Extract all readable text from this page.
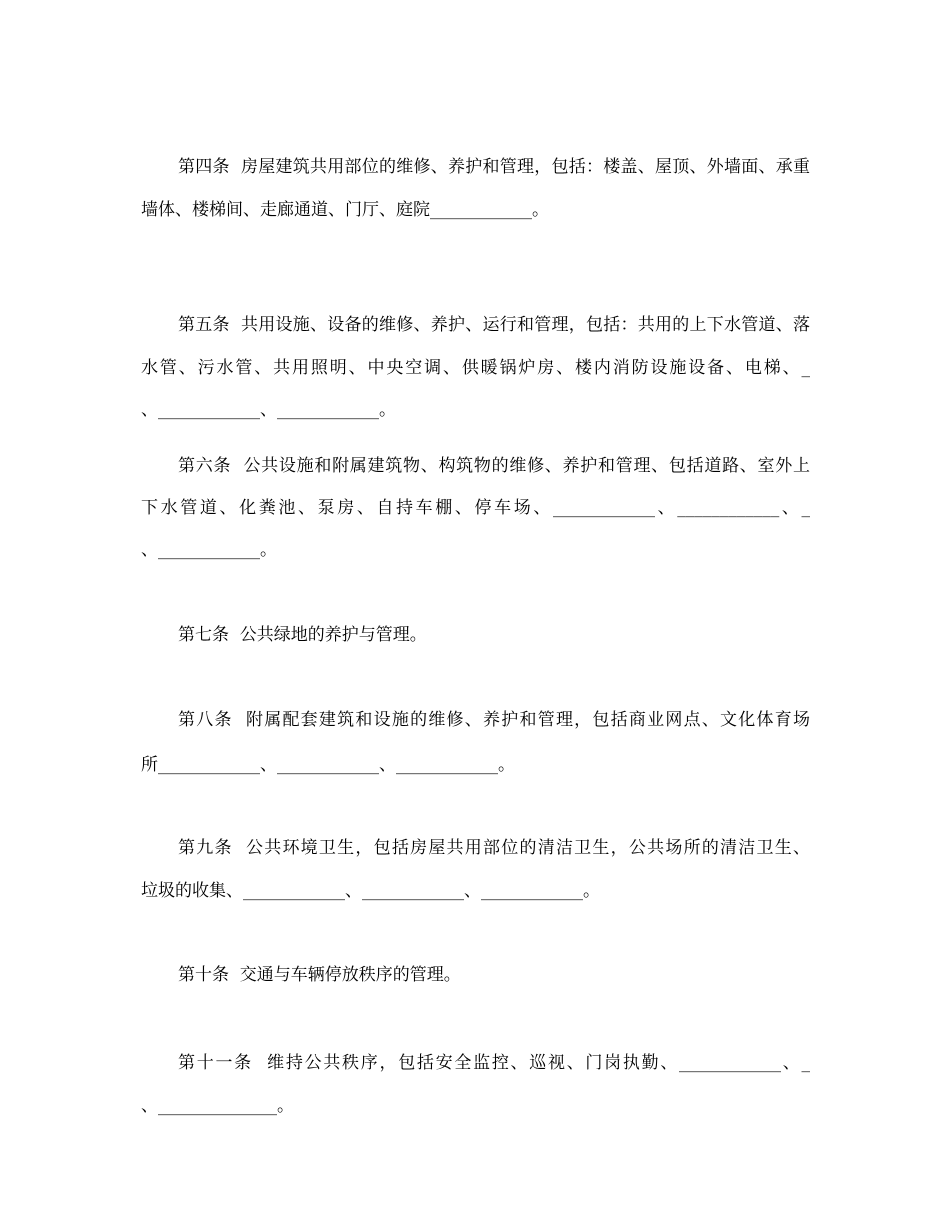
第四条  房屋建筑共用部位的维修、养护和管理，包括：楼盖、屋顶、外墙面、承重
墙体、楼梯间、走廊通道、门厅、庭院____________。
第五条  共用设施、设备的维修、养护、运行和管理，包括：共用的上下水管道、落
水管、污水管、共用照明、中央空调、供暖锅炉房、楼内消防设施设备、电梯、_
、____________、____________。
第六条  公共设施和附属建筑物、构筑物的维修、养护和管理、包括道路、室外上
下水管道、化粪池、泵房、自持车棚、停车场、____________、____________、_
、____________。
第七条  公共绿地的养护与管理。
第八条  附属配套建筑和设施的维修、养护和管理，包括商业网点、文化体育场
所____________、____________、____________。
第九条  公共环境卫生，包括房屋共用部位的清洁卫生，公共场所的清洁卫生、
垃圾的收集、____________、____________、____________。
第十条  交通与车辆停放秩序的管理。
第十一条  维持公共秩序，包括安全监控、巡视、门岗执勤、____________、_
、______________。
